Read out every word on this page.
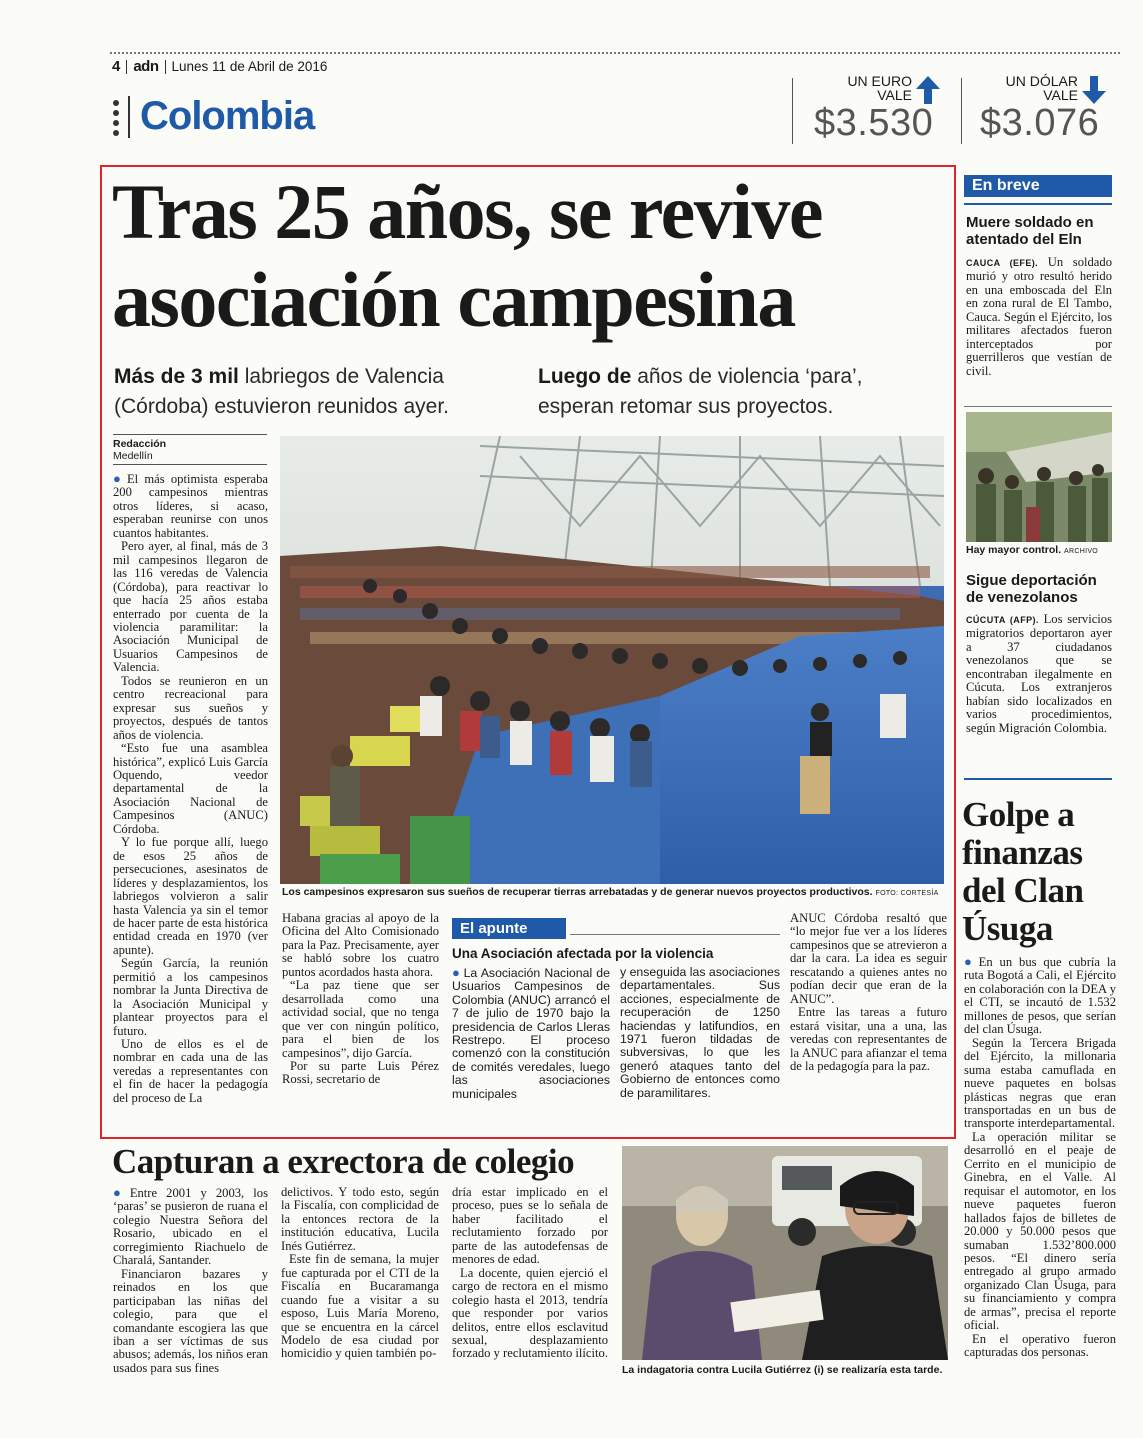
4 adn Lunes 11 de Abril de 2016
Colombia
UN EURO
VALE
$3.530
UN DÓLAR
VALE
$3.076
Tras 25 años, se revive
asociación campesina
Más de 3 mil labriegos de Valencia
(Córdoba) estuvieron reunidos ayer.
Luego de años de violencia ‘para’,
esperan retomar sus proyectos.
Redacción
Medellín

● El más optimista esperaba 200 campesinos mientras otros líderes, si acaso, esperaban reunirse con unos cuantos habitantes.

Pero ayer, al final, más de 3 mil campesinos llegaron de las 116 veredas de Valencia (Córdoba), para reactivar lo que hacía 25 años estaba enterrado por cuenta de la violencia paramilitar: la Asociación Municipal de Usuarios Campesinos de Valencia.

Todos se reunieron en un centro recreacional para expresar sus sueños y proyectos, después de tantos años de violencia.

“Esto fue una asamblea histórica”, explicó Luis García Oquendo, veedor departamental de la Asociación Nacional de Campesinos (ANUC) Córdoba.

Y lo fue porque allí, luego de esos 25 años de persecuciones, asesinatos de líderes y desplazamientos, los labriegos volvieron a salir hasta Valencia ya sin el temor de hacer parte de esta histórica entidad creada en 1970 (ver apunte).

Según García, la reunión permitió a los campesinos nombrar la Junta Directiva de la Asociación Municipal y plantear proyectos para el futuro.

Uno de ellos es el de nombrar en cada una de las veredas a representantes con el fin de hacer la pedagogía del proceso de La

Los campesinos expresaron sus sueños de recuperar tierras arrebatadas y de generar nuevos proyectos productivos. FOTO: CORTESÍA

Habana gracias al apoyo de la Oficina del Alto Comisionado para la Paz. Precisamente, ayer se habló sobre los cuatro puntos acordados hasta ahora.

“La paz tiene que ser desarrollada como una actividad social, que no tenga que ver con ningún político, para el bien de los campesinos”, dijo García.

Por su parte Luis Pérez Rossi, secretario de

El apunte
Una Asociación afectada por la violencia
● La Asociación Nacional de Usuarios Campesinos de Colombia (ANUC) arrancó el 7 de julio de 1970 bajo la presidencia de Carlos Lleras Restrepo. El proceso comenzó con la constitución de comités veredales, luego las asociaciones municipales
y enseguida las asociaciones departamentales. Sus acciones, especialmente de recuperación de 1250 haciendas y latifundios, en 1971 fueron tildadas de subversivas, lo que les generó ataques tanto del Gobierno de entonces como de paramilitares.

ANUC Córdoba resaltó que “lo mejor fue ver a los líderes campesinos que se atrevieron a dar la cara. La idea es seguir rescatando a quienes antes no podían decir que eran de la ANUC”.

Entre las tareas a futuro estará visitar, una a una, las veredas con representantes de la ANUC para afianzar el tema de la pedagogía para la paz.

En breve
Muere soldado en atentado del Eln
CAUCA (EFE). Un soldado murió y otro resultó herido en una emboscada del Eln en zona rural de El Tambo, Cauca. Según el Ejército, los militares afectados fueron interceptados por guerrilleros que vestían de civil.
Hay mayor control. ARCHIVO
Sigue deportación de venezolanos
CÚCUTA (AFP). Los servicios migratorios deportaron ayer a 37 ciudadanos venezolanos que se encontraban ilegalmente en Cúcuta. Los extranjeros habían sido localizados en varios procedimientos, según Migración Colombia.
Golpe a
finanzas
del Clan
Úsuga

● En un bus que cubría la ruta Bogotá a Cali, el Ejército en colaboración con la DEA y el CTI, se incautó de 1.532 millones de pesos, que serían del clan Úsuga.

Según la Tercera Brigada del Ejército, la millonaria suma estaba camuflada en nueve paquetes en bolsas plásticas negras que eran transportadas en un bus de transporte interdepartamental.

La operación militar se desarrolló en el peaje de Cerrito en el municipio de Ginebra, en el Valle. Al requisar el automotor, en los nueve paquetes fueron hallados fajos de billetes de 20.000 y 50.000 pesos que sumaban 1.532’800.000 pesos. “El dinero sería entregado al grupo armado organizado Clan Úsuga, para su financiamiento y compra de armas”, precisa el reporte oficial.

En el operativo fueron capturadas dos personas.

Capturan a exrectora de colegio

● Entre 2001 y 2003, los ‘paras’ se pusieron de ruana el colegio Nuestra Señora del Rosario, ubicado en el corregimiento Riachuelo de Charalá, Santander.

Financiaron bazares y reinados en los que participaban las niñas del colegio, para que el comandante escogiera las que iban a ser víctimas de sus abusos; además, los niños eran usados para sus fines

delictivos. Y todo esto, según la Fiscalía, con complicidad de la entonces rectora de la institución educativa, Lucila Inés Gutiérrez.

Este fin de semana, la mujer fue capturada por el CTI de la Fiscalía en Bucaramanga cuando fue a visitar a su esposo, Luis María Moreno, que se encuentra en la cárcel Modelo de esa ciudad por homicidio y quien también po-

dría estar implicado en el proceso, pues se lo señala de haber facilitado el reclutamiento forzado por parte de las autodefensas de menores de edad.

La docente, quien ejerció el cargo de rectora en el mismo colegio hasta el 2013, tendría que responder por varios delitos, entre ellos esclavitud sexual, desplazamiento forzado y reclutamiento ilícito.

La indagatoria contra Lucila Gutiérrez (i) se realizaría esta tarde.
